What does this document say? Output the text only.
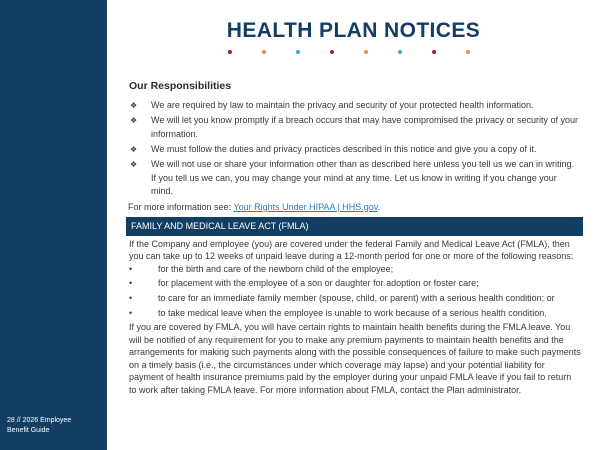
28 // 2026 Employee
Benefit Guide
HEALTH PLAN NOTICES
Our Responsibilities
❖ We are required by law to maintain the privacy and security of your protected health information.
❖ We will let you know promptly if a breach occurs that may have compromised the privacy or security of your information.
❖ We must follow the duties and privacy practices described in this notice and give you a copy of it.
❖ We will not use or share your information other than as described here unless you tell us we can in writing. If you tell us we can, you may change your mind at any time. Let us know in writing if you change your mind.
For more information see: Your Rights Under HIPAA | HHS.gov.
FAMILY AND MEDICAL LEAVE ACT (FMLA)
If the Company and employee (you) are covered under the federal Family and Medical Leave Act (FMLA), then you can take up to 12 weeks of unpaid leave during a 12-month period for one or more of the following reasons:
•	for the birth and care of the newborn child of the employee;
•	for placement with the employee of a son or daughter for adoption or foster care;
•	to care for an immediate family member (spouse, child, or parent) with a serious health condition; or
•	to take medical leave when the employee is unable to work because of a serious health condition.
If you are covered by FMLA, you will have certain rights to maintain health benefits during the FMLA leave. You will be notified of any requirement for you to make any premium payments to maintain health benefits and the arrangements for making such payments along with the possible consequences of failure to make such payments on a timely basis (i.e., the circumstances under which coverage may lapse) and your potential liability for payment of health insurance premiums paid by the employer during your unpaid FMLA leave if you fail to return to work after taking FMLA leave. For more information about FMLA, contact the Plan administrator.
